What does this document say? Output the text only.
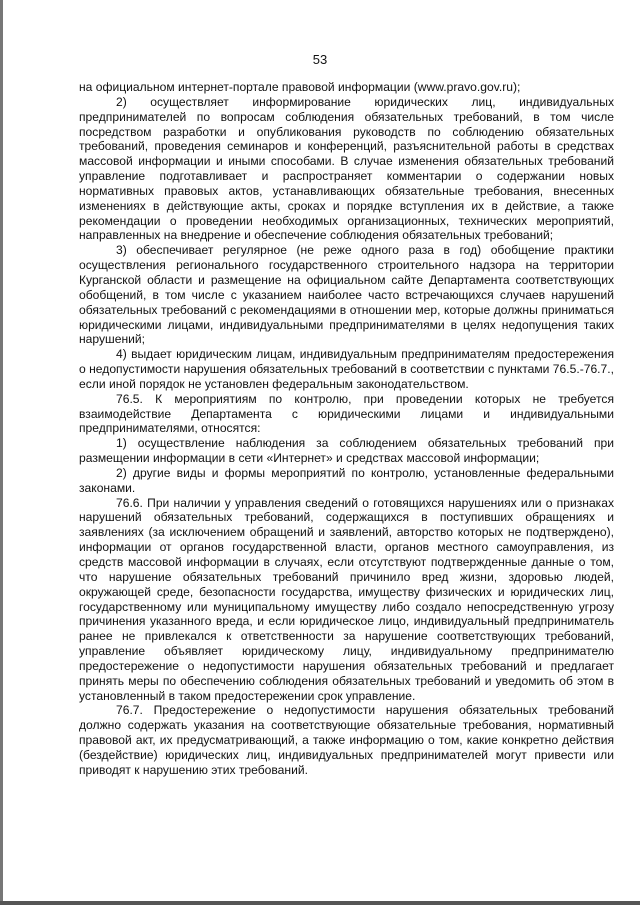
53

на официальном интернет-портале правовой информации (www.pravo.gov.ru);

2) осуществляет информирование юридических лиц, индивидуальных предпринимателей по вопросам соблюдения обязательных требований, в том числе посредством разработки и опубликования руководств по соблюдению обязательных требований, проведения семинаров и конференций, разъяснительной работы в средствах массовой информации и иными способами. В случае изменения обязательных требований управление подготавливает и распространяет комментарии о содержании новых нормативных правовых актов, устанавливающих обязательные требования, внесенных изменениях в действующие акты, сроках и порядке вступления их в действие, а также рекомендации о проведении необходимых организационных, технических мероприятий, направленных на внедрение и обеспечение соблюдения обязательных требований;

3) обеспечивает регулярное (не реже одного раза в год) обобщение практики осуществления регионального государственного строительного надзора на территории Курганской области и размещение на официальном сайте Департамента соответствующих обобщений, в том числе с указанием наиболее часто встречающихся случаев нарушений обязательных требований с рекомендациями в отношении мер, которые должны приниматься юридическими лицами, индивидуальными предпринимателями в целях недопущения таких нарушений;

4) выдает юридическим лицам, индивидуальным предпринимателям предостережения о недопустимости нарушения обязательных требований в соответствии с пунктами 76.5.-76.7., если иной порядок не установлен федеральным законодательством.

76.5. К мероприятиям по контролю, при проведении которых не требуется взаимодействие Департамента с юридическими лицами и индивидуальными предпринимателями, относятся:

1) осуществление наблюдения за соблюдением обязательных требований при размещении информации в сети «Интернет» и средствах массовой информации;

2) другие виды и формы мероприятий по контролю, установленные федеральными законами.

76.6. При наличии у управления сведений о готовящихся нарушениях или о признаках нарушений обязательных требований, содержащихся в поступивших обращениях и заявлениях (за исключением обращений и заявлений, авторство которых не подтверждено), информации от органов государственной власти, органов местного самоуправления, из средств массовой информации в случаях, если отсутствуют подтвержденные данные о том, что нарушение обязательных требований причинило вред жизни, здоровью людей, окружающей среде, безопасности государства, имуществу физических и юридических лиц, государственному или муниципальному имуществу либо создало непосредственную угрозу причинения указанного вреда, и если юридическое лицо, индивидуальный предприниматель ранее не привлекался к ответственности за нарушение соответствующих требований, управление объявляет юридическому лицу, индивидуальному предпринимателю предостережение о недопустимости нарушения обязательных требований и предлагает принять меры по обеспечению соблюдения обязательных требований и уведомить об этом в установленный в таком предостережении срок управление.

76.7. Предостережение о недопустимости нарушения обязательных требований должно содержать указания на соответствующие обязательные требования, нормативный правовой акт, их предусматривающий, а также информацию о том, какие конкретно действия (бездействие) юридических лиц, индивидуальных предпринимателей могут привести или приводят к нарушению этих требований.
